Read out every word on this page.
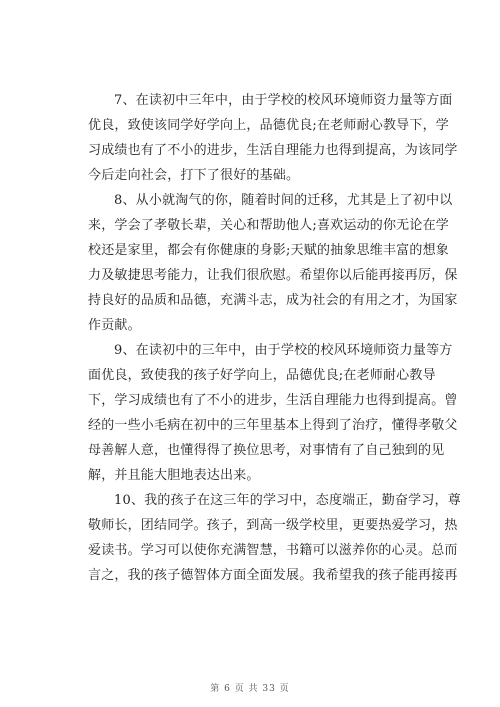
7、在读初中三年中，由于学校的校风环境师资力量等方面
优良，致使该同学好学向上，品德优良;在老师耐心教导下，学
习成绩也有了不小的进步，生活自理能力也得到提高，为该同学
今后走向社会，打下了很好的基础。
8、从小就淘气的你，随着时间的迁移，尤其是上了初中以
来，学会了孝敬长辈，关心和帮助他人;喜欢运动的你无论在学
校还是家里，都会有你健康的身影;天赋的抽象思维丰富的想象
力及敏捷思考能力，让我们很欣慰。希望你以后能再接再厉，保
持良好的品质和品德，充满斗志，成为社会的有用之才，为国家
作贡献。
9、在读初中的三年中，由于学校的校风环境师资力量等方
面优良，致使我的孩子好学向上，品德优良;在老师耐心教导
下，学习成绩也有了不小的进步，生活自理能力也得到提高。曾
经的一些小毛病在初中的三年里基本上得到了治疗，懂得孝敬父
母善解人意，也懂得得了换位思考，对事情有了自己独到的见
解，并且能大胆地表达出来。
10、我的孩子在这三年的学习中，态度端正，勤奋学习，尊
敬师长，团结同学。孩子，到高一级学校里，更要热爱学习，热
爱读书。学习可以使你充满智慧，书籍可以滋养你的心灵。总而
言之，我的孩子德智体方面全面发展。我希望我的孩子能再接再
第 6 页 共 33 页
